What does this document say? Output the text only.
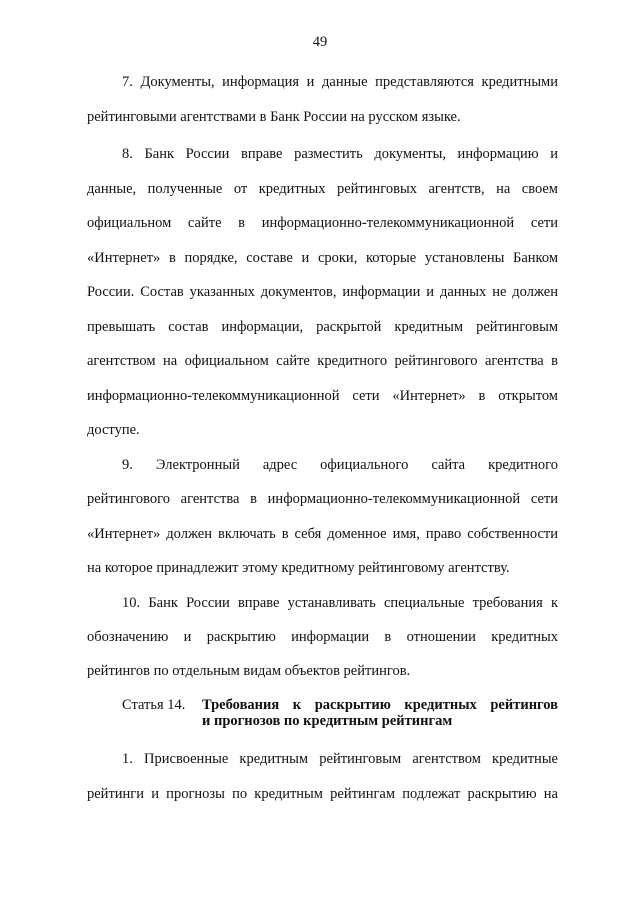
49
7. Документы, информация и данные представляются кредитными
рейтинговыми агентствами в Банк России на русском языке.
8. Банк России вправе разместить документы, информацию и
данные, полученные от кредитных рейтинговых агентств, на своем
официальном сайте в информационно-телекоммуникационной сети
«Интернет» в порядке, составе и сроки, которые установлены Банком
России. Состав указанных документов, информации и данных не должен
превышать состав информации, раскрытой кредитным рейтинговым
агентством на официальном сайте кредитного рейтингового агентства в
информационно-телекоммуникационной сети «Интернет» в открытом
доступе.
9. Электронный адрес официального сайта кредитного
рейтингового агентства в информационно-телекоммуникационной сети
«Интернет» должен включать в себя доменное имя, право собственности
на которое принадлежит этому кредитному рейтинговому агентству.
10. Банк России вправе устанавливать специальные требования к
обозначению и раскрытию информации в отношении кредитных
рейтингов по отдельным видам объектов рейтингов.
Статья 14.	Требования к раскрытию кредитных рейтингов
и прогнозов по кредитным рейтингам
1. Присвоенные кредитным рейтинговым агентством кредитные
рейтинги и прогнозы по кредитным рейтингам подлежат раскрытию на
